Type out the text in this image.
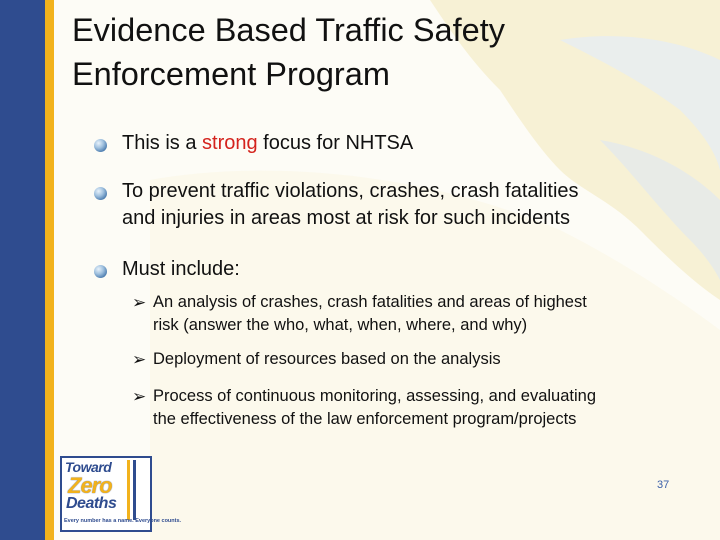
Evidence Based Traffic Safety
Enforcement Program
This is a strong focus for NHTSA
To prevent traffic violations, crashes, crash fatalities
and injuries in areas most at risk for such incidents
Must include:
➢ An analysis of crashes, crash fatalities and areas of highest
risk (answer the who, what, when, where, and why)
➢ Deployment of resources based on the analysis
➢ Process of continuous monitoring, assessing, and evaluating
the effectiveness of the law enforcement program/projects
Toward
Zero
Deaths
Every number has a name. Everyone counts.
37
